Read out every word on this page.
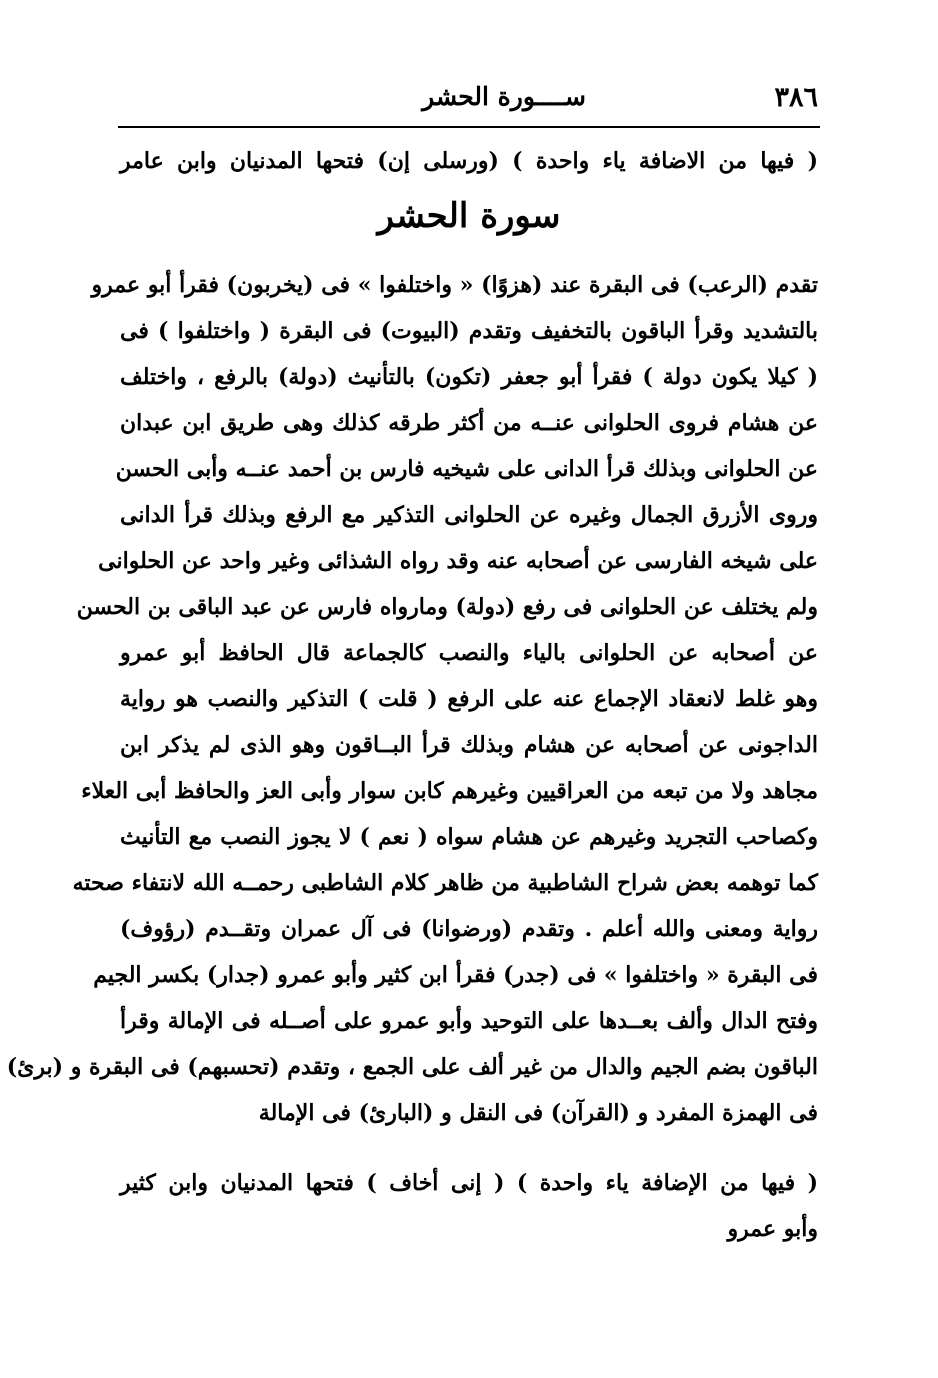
٣٨٦
ســــورة الحشر
( فيها من الاضافة ياء واحدة ) (ورسلى إن) فتحها المدنيان وابن عامر
سورة الحشر
تقدم (الرعب) فى البقرة عند (هزوًا) « واختلفوا » فى (يخربون) فقرأ أبو عمرو
بالتشديد وقرأ الباقون بالتخفيف وتقدم (البيوت) فى البقرة ( واختلفوا ) فى
( كيلا يكون دولة ) فقرأ أبو جعفر (تكون) بالتأنيث (دولة) بالرفع ، واختلف
عن هشام فروى الحلوانى عنــه من أكثر طرقه كذلك وهى طريق ابن عبدان
عن الحلوانى وبذلك قرأ الدانى على شيخيه فارس بن أحمد عنــه وأبى الحسن
وروى الأزرق الجمال وغيره عن الحلوانى التذكير مع الرفع وبذلك قرأ الدانى
على شيخه الفارسى عن أصحابه عنه وقد رواه الشذائى وغير واحد عن الحلوانى
ولم يختلف عن الحلوانى فى رفع (دولة) ومارواه فارس عن عبد الباقى بن الحسن
عن أصحابه عن الحلوانى بالياء والنصب كالجماعة قال الحافظ أبو عمرو
وهو غلط لانعقاد الإجماع عنه على الرفع ( قلت ) التذكير والنصب هو رواية
الداجونى عن أصحابه عن هشام وبذلك قرأ البــاقون وهو الذى لم يذكر ابن
مجاهد ولا من تبعه من العراقيين وغيرهم كابن سوار وأبى العز والحافظ أبى العلاء
وكصاحب التجريد وغيرهم عن هشام سواه ( نعم ) لا يجوز النصب مع التأنيث
كما توهمه بعض شراح الشاطبية من ظاهر كلام الشاطبى رحمــه الله لانتفاء صحته
رواية ومعنى والله أعلم . وتقدم (ورضوانا) فى آل عمران وتقــدم (رؤوف)
فى البقرة « واختلفوا » فى (جدر) فقرأ ابن كثير وأبو عمرو (جدار) بكسر الجيم
وفتح الدال وألف بعــدها على التوحيد وأبو عمرو على أصــله فى الإمالة وقرأ
الباقون بضم الجيم والدال من غير ألف على الجمع ، وتقدم (تحسبهم) فى البقرة و (برئ)
فى الهمزة المفرد و (القرآن) فى النقل و (البارئ) فى الإمالة
( فيها من الإضافة ياء واحدة ) ( إنى أخاف ) فتحها المدنيان وابن كثير
وأبو عمرو
